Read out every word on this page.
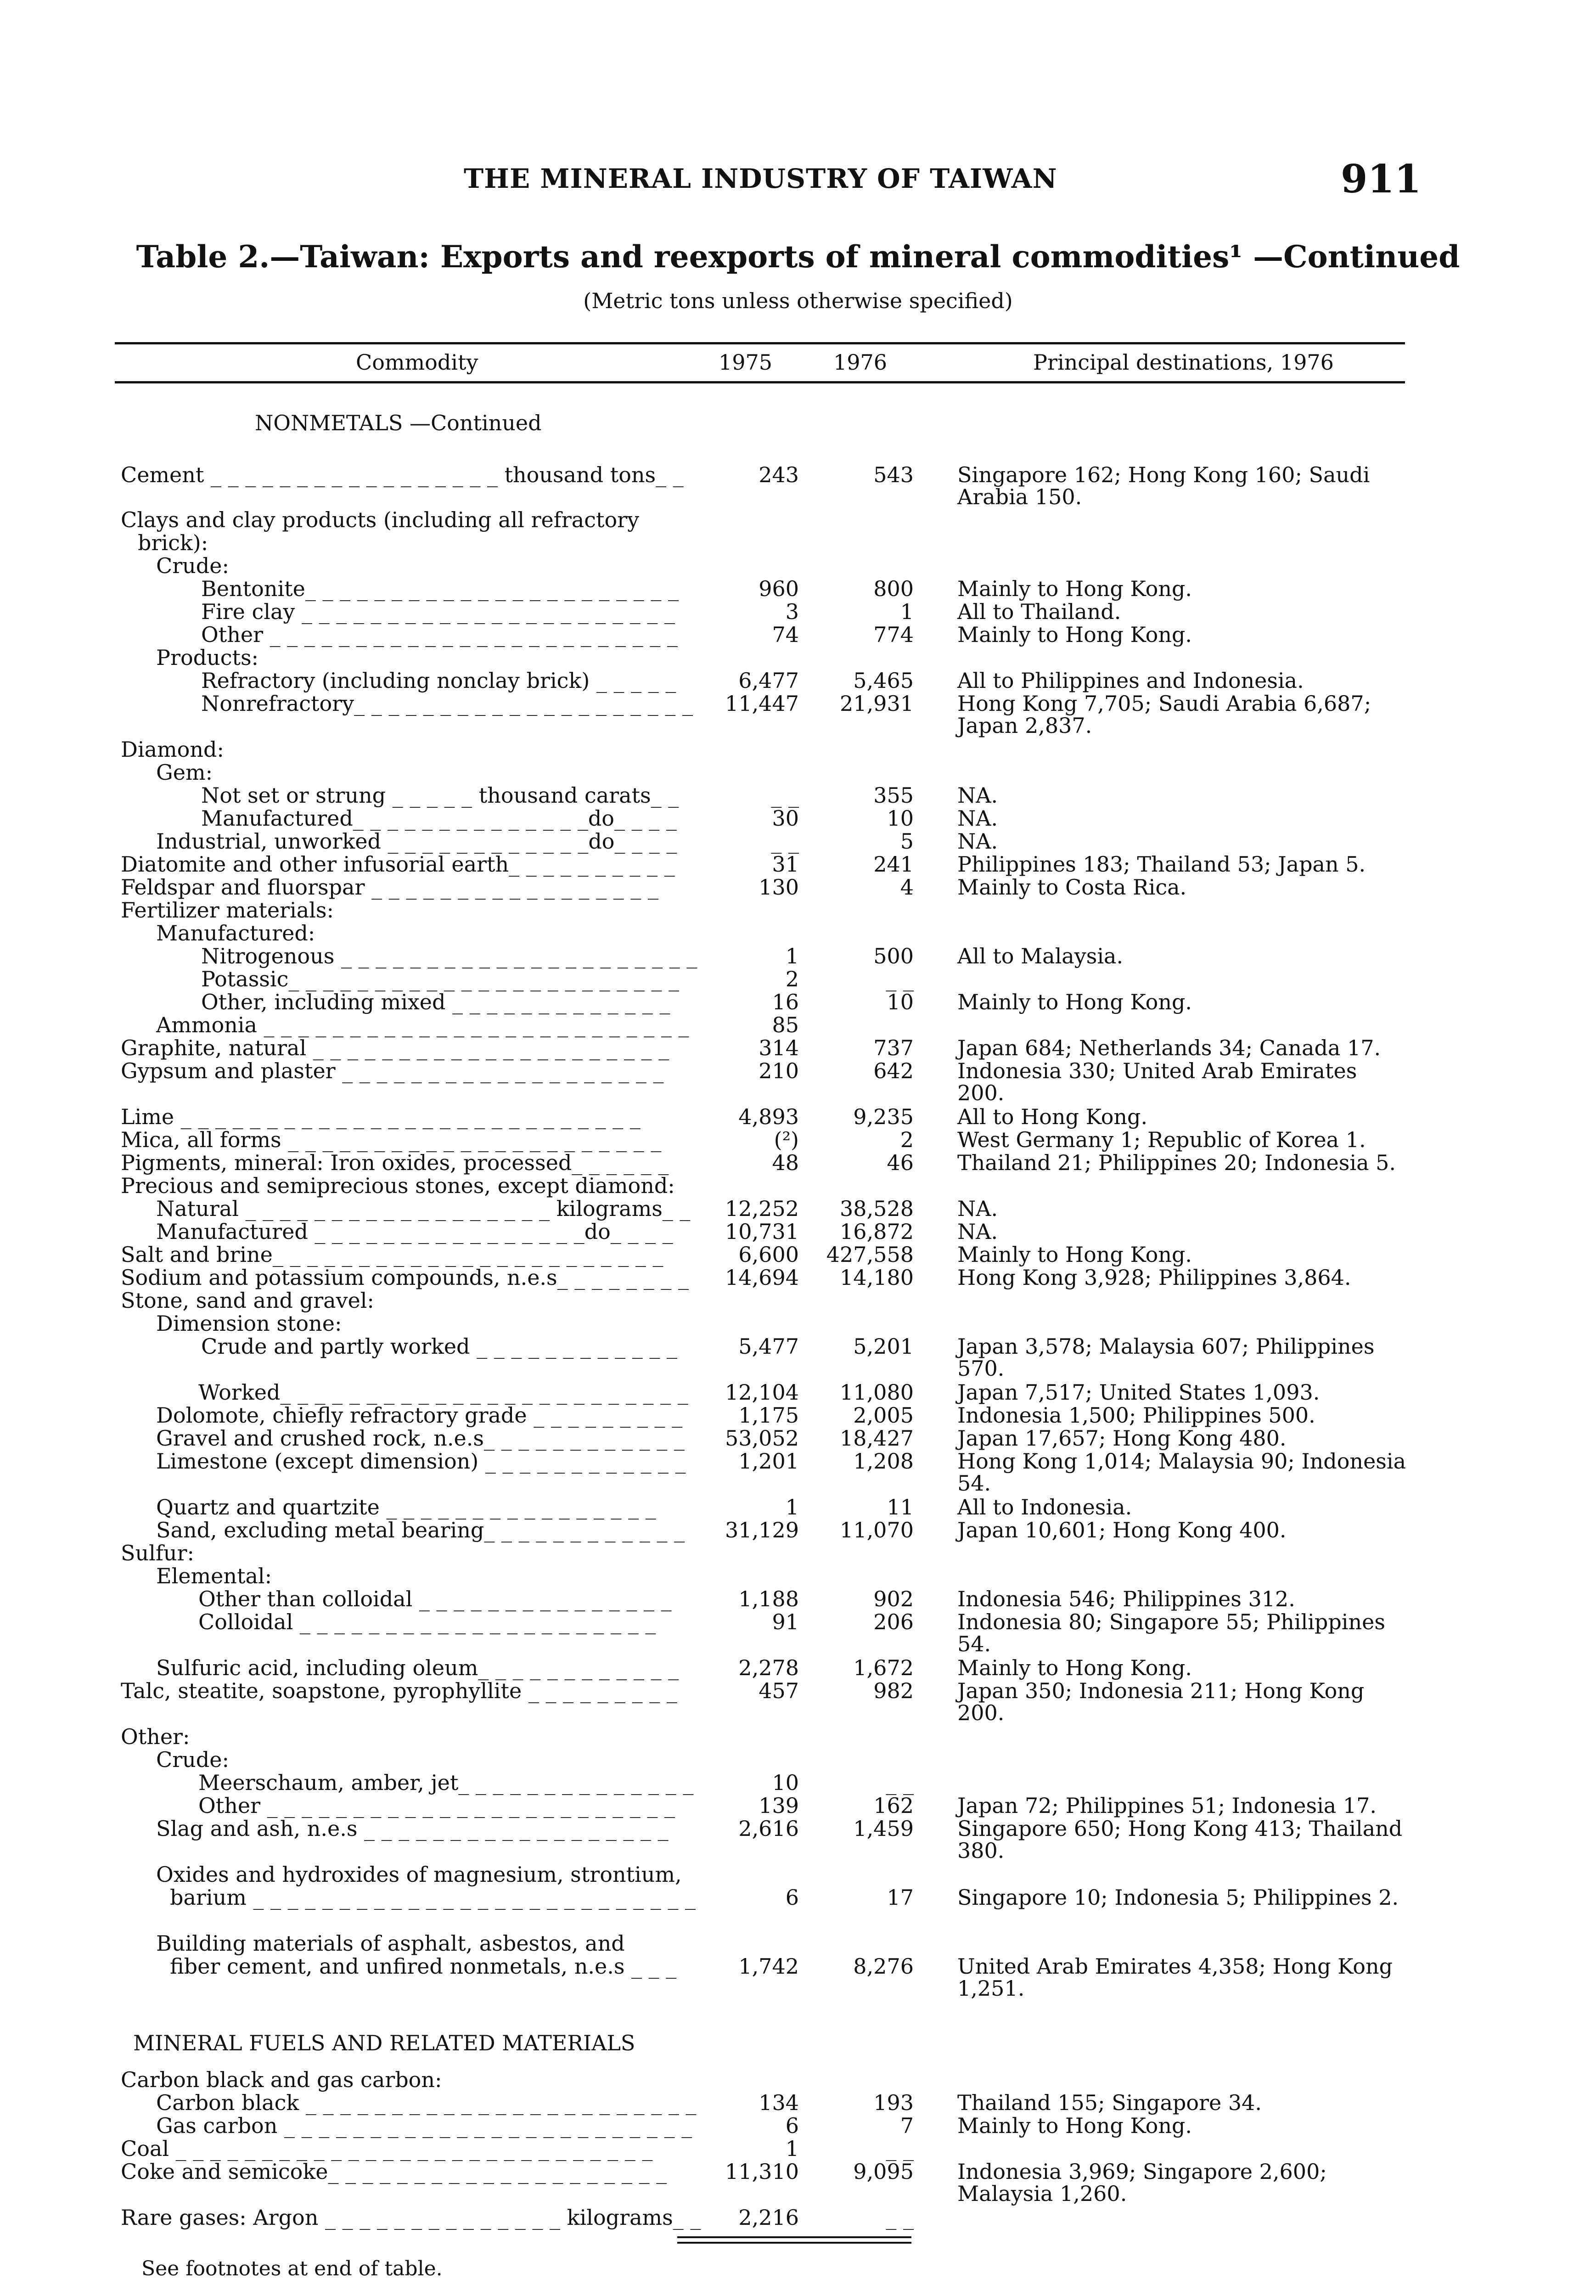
THE MINERAL INDUSTRY OF TAIWAN	911
Table 2.—Taiwan: Exports and reexports of mineral commodities¹ —Continued
(Metric tons unless otherwise specified)
Commodity	1975	1976	Principal destinations, 1976
NONMETALS —Continued
MINERAL FUELS AND RELATED MATERIALS
Cement _ _ _ _ _ _ _ _ _ _ _ _ _ _ _ _ _ thousand tons_ _	243	543 Singapore 162; Hong Kong 160; Saudi Arabia 150.
Clays and clay products (including all refractory
brick):
Crude:
Bentonite_ _ _ _ _ _ _ _ _ _ _ _ _ _ _ _ _ _ _ _ _ _	960	800 Mainly to Hong Kong.
Fire clay _ _ _ _ _ _ _ _ _ _ _ _ _ _ _ _ _ _ _ _ _ _	3	1 All to Thailand.
Other _ _ _ _ _ _ _ _ _ _ _ _ _ _ _ _ _ _ _ _ _ _ _ _	74	774 Mainly to Hong Kong.
Products:
Refractory (including nonclay brick) _ _ _ _ _	6,477	5,465 All to Philippines and Indonesia.
Nonrefractory_ _ _ _ _ _ _ _ _ _ _ _ _ _ _ _ _ _ _ _	11,447	21,931 Hong Kong 7,705; Saudi Arabia 6,687; Japan 2,837.
Diamond:
Gem:
Not set or strung _ _ _ _ _ thousand carats_ _	_ _	355 NA.
Manufactured_ _ _ _ _ _ _ _ _ _ _ _ _ _do_ _ _ _	30	10 NA.
Industrial, unworked _ _ _ _ _ _ _ _ _ _ _ _do_ _ _ _	_ _	5 NA.
Diatomite and other infusorial earth_ _ _ _ _ _ _ _ _ _	31	241 Philippines 183; Thailand 53; Japan 5.
Feldspar and fluorspar _ _ _ _ _ _ _ _ _ _ _ _ _ _ _ _ _	130	4 Mainly to Costa Rica.
Fertilizer materials:
Manufactured:
Nitrogenous _ _ _ _ _ _ _ _ _ _ _ _ _ _ _ _ _ _ _ _ _	1	500 All to Malaysia.
Potassic_ _ _ _ _ _ _ _ _ _ _ _ _ _ _ _ _ _ _ _ _ _ _	2	_ _
Other, including mixed _ _ _ _ _ _ _ _ _ _ _ _ _	16	10 Mainly to Hong Kong.
Ammonia _ _ _ _ _ _ _ _ _ _ _ _ _ _ _ _ _ _ _ _ _ _ _ _ _	85
Graphite, natural _ _ _ _ _ _ _ _ _ _ _ _ _ _ _ _ _ _ _ _ _	314	737 Japan 684; Netherlands 34; Canada 17.
Gypsum and plaster _ _ _ _ _ _ _ _ _ _ _ _ _ _ _ _ _ _ _	210	642 Indonesia 330; United Arab Emirates 200.
Lime _ _ _ _ _ _ _ _ _ _ _ _ _ _ _ _ _ _ _ _ _ _ _ _ _ _ _	4,893	9,235 All to Hong Kong.
Mica, all forms _ _ _ _ _ _ _ _ _ _ _ _ _ _ _ _ _ _ _ _ _ _	(²)	2 West Germany 1; Republic of Korea 1.
Pigments, mineral: Iron oxides, processed_ _ _ _ _ _	48	46 Thailand 21; Philippines 20; Indonesia 5.
Precious and semiprecious stones, except diamond:
Natural _ _ _ _ _ _ _ _ _ _ _ _ _ _ _ _ _ _ kilograms_ _	12,252	38,528 NA.
Manufactured _ _ _ _ _ _ _ _ _ _ _ _ _ _ _ _do_ _ _ _	10,731	16,872 NA.
Salt and brine_ _ _ _ _ _ _ _ _ _ _ _ _ _ _ _ _ _ _ _ _ _ _	6,600	427,558 Mainly to Hong Kong.
Sodium and potassium compounds, n.e.s_ _ _ _ _ _ _ _	14,694	14,180 Hong Kong 3,928; Philippines 3,864.
Stone, sand and gravel:
Dimension stone:
Crude and partly worked _ _ _ _ _ _ _ _ _ _ _ _	5,477	5,201 Japan 3,578; Malaysia 607; Philippines 570.
Worked_ _ _ _ _ _ _ _ _ _ _ _ _ _ _ _ _ _ _ _ _ _ _ _	12,104	11,080 Japan 7,517; United States 1,093.
Dolomote, chiefly refractory grade _ _ _ _ _ _ _ _ _	1,175	2,005 Indonesia 1,500; Philippines 500.
Gravel and crushed rock, n.e.s_ _ _ _ _ _ _ _ _ _ _ _	53,052	18,427 Japan 17,657; Hong Kong 480.
Limestone (except dimension) _ _ _ _ _ _ _ _ _ _ _ _	1,201	1,208 Hong Kong 1,014; Malaysia 90; Indonesia 54.
Quartz and quartzite _ _ _ _ _ _ _ _ _ _ _ _ _ _ _ _	1	11 All to Indonesia.
Sand, excluding metal bearing_ _ _ _ _ _ _ _ _ _ _ _	31,129	11,070 Japan 10,601; Hong Kong 400.
Sulfur:
Elemental:
Other than colloidal _ _ _ _ _ _ _ _ _ _ _ _ _ _ _	1,188	902 Indonesia 546; Philippines 312.
Colloidal _ _ _ _ _ _ _ _ _ _ _ _ _ _ _ _ _ _ _ _ _	91	206 Indonesia 80; Singapore 55; Philippines 54.
Sulfuric acid, including oleum_ _ _ _ _ _ _ _ _ _ _ _	2,278	1,672 Mainly to Hong Kong.
Talc, steatite, soapstone, pyrophyllite _ _ _ _ _ _ _ _ _	457	982 Japan 350; Indonesia 211; Hong Kong 200.
Other:
Crude:
Meerschaum, amber, jet_ _ _ _ _ _ _ _ _ _ _ _ _ _	10	_ _
Other _ _ _ _ _ _ _ _ _ _ _ _ _ _ _ _ _ _ _ _ _ _ _ _	139	162 Japan 72; Philippines 51; Indonesia 17.
Slag and ash, n.e.s _ _ _ _ _ _ _ _ _ _ _ _ _ _ _ _ _ _	2,616	1,459 Singapore 650; Hong Kong 413; Thailand 380.
Oxides and hydroxides of magnesium, strontium,
barium _ _ _ _ _ _ _ _ _ _ _ _ _ _ _ _ _ _ _ _ _ _ _ _ _ _	6	17 Singapore 10; Indonesia 5; Philippines 2.
Building materials of asphalt, asbestos, and
fiber cement, and unfired nonmetals, n.e.s _ _ _	1,742	8,276 United Arab Emirates 4,358; Hong Kong 1,251.
Carbon black and gas carbon:
Carbon black _ _ _ _ _ _ _ _ _ _ _ _ _ _ _ _ _ _ _ _ _ _ _	134	193 Thailand 155; Singapore 34.
Gas carbon _ _ _ _ _ _ _ _ _ _ _ _ _ _ _ _ _ _ _ _ _ _ _ _	6	7 Mainly to Hong Kong.
Coal _ _ _ _ _ _ _ _ _ _ _ _ _ _ _ _ _ _ _ _ _ _ _ _ _ _ _ _	1	_ _
Coke and semicoke_ _ _ _ _ _ _ _ _ _ _ _ _ _ _ _ _ _ _ _	11,310	9,095 Indonesia 3,969; Singapore 2,600; Malaysia 1,260.
Rare gases: Argon _ _ _ _ _ _ _ _ _ _ _ _ _ _ kilograms_ _	2,216	_ _
See footnotes at end of table.
